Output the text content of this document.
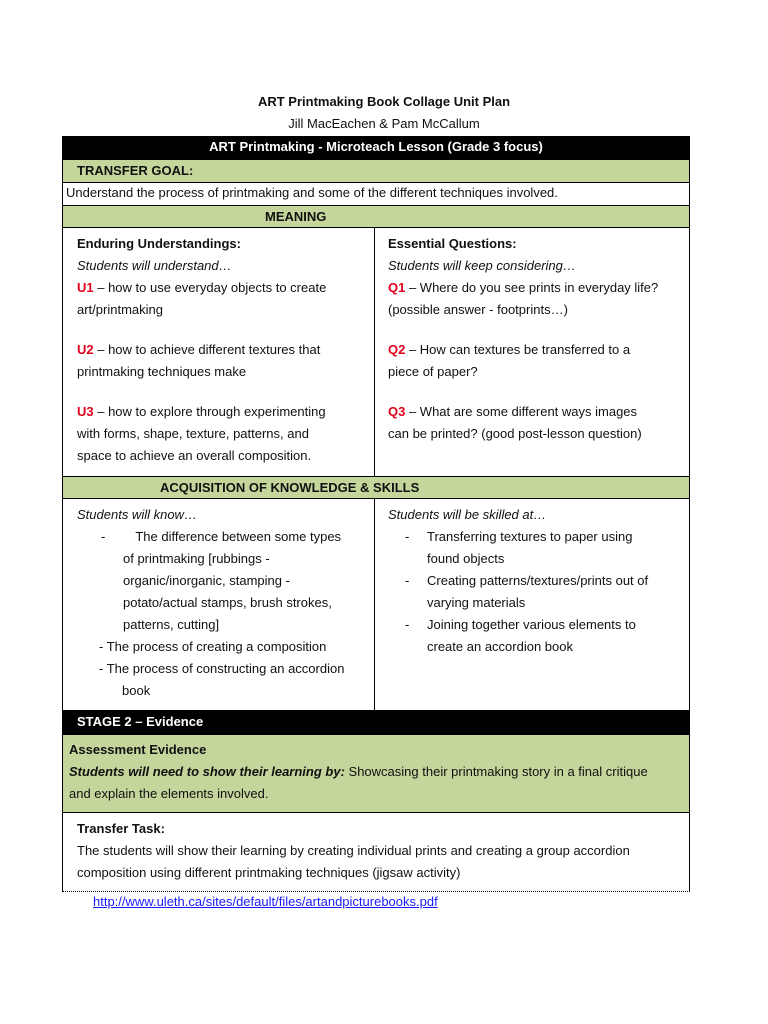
ART Printmaking Book Collage Unit Plan
Jill MacEachen & Pam McCallum
ART Printmaking - Microteach Lesson (Grade 3 focus)
TRANSFER GOAL:
Understand the process of printmaking and some of the different techniques involved.
MEANING
Enduring Understandings:
Students will understand…
U1 – how to use everyday objects to create
art/printmaking
U2 – how to achieve different textures that
printmaking techniques make
U3 – how to explore through experimenting
with forms, shape, texture, patterns, and
space to achieve an overall composition.
Essential Questions:
Students will keep considering…
Q1 – Where do you see prints in everyday life?
(possible answer - footprints…)
Q2 – How can textures be transferred to a
piece of paper?
Q3 – What are some different ways images
can be printed? (good post-lesson question)
ACQUISITION OF KNOWLEDGE & SKILLS
Students will know…
- The difference between some types
of printmaking [rubbings -
organic/inorganic, stamping -
potato/actual stamps, brush strokes,
patterns, cutting]
- The process of creating a composition
- The process of constructing an accordion
book
Students will be skilled at…
-	Transferring textures to paper using
found objects
-	Creating patterns/textures/prints out of
varying materials
-	Joining together various elements to
create an accordion book
STAGE 2 – Evidence
Assessment Evidence
Students will need to show their learning by: Showcasing their printmaking story in a final critique
and explain the elements involved.
Transfer Task:
The students will show their learning by creating individual prints and creating a group accordion
composition using different printmaking techniques (jigsaw activity)
http://www.uleth.ca/sites/default/files/artandpicturebooks.pdf
